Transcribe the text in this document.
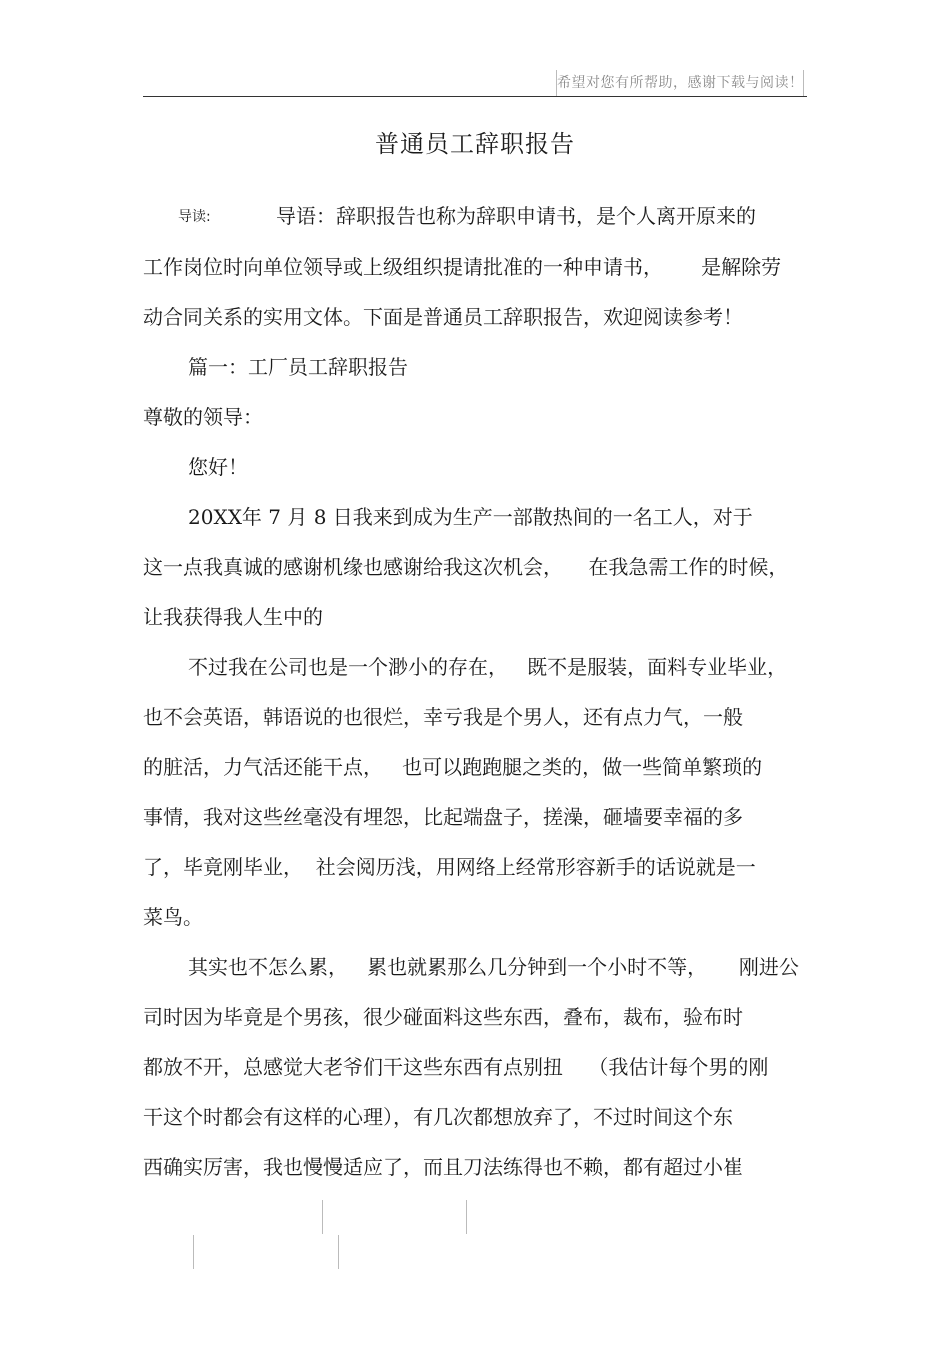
希望对您有所帮助，感谢下载与阅读！
普通员工辞职报告
导读:	导语：辞职报告也称为辞职申请书，是个人离开原来的
工作岗位时向单位领导或上级组织提请批准的一种申请书，      是解除劳
动合同关系的实用文体。下面是普通员工辞职报告，欢迎阅读参考！
篇一：工厂员工辞职报告
尊敬的领导：
您好！
20XX年 7 月 8 日我来到成为生产一部散热间的一名工人，对于
这一点我真诚的感谢机缘也感谢给我这次机会，    在我急需工作的时候，
让我获得我人生中的
不过我在公司也是一个渺小的存在，   既不是服装，面料专业毕业，
也不会英语，韩语说的也很烂，幸亏我是个男人，还有点力气，一般
的脏活，力气活还能干点，   也可以跑跑腿之类的，做一些简单繁琐的
事情，我对这些丝毫没有埋怨，比起端盘子，搓澡，砸墙要幸福的多
了，毕竟刚毕业，  社会阅历浅，用网络上经常形容新手的话说就是一
菜鸟。
其实也不怎么累，   累也就累那么几分钟到一个小时不等，     刚进公
司时因为毕竟是个男孩，很少碰面料这些东西，叠布，裁布，验布时
都放不开，总感觉大老爷们干这些东西有点别扭    （我估计每个男的刚
干这个时都会有这样的心理），有几次都想放弃了，不过时间这个东
西确实厉害，我也慢慢适应了，而且刀法练得也不赖，都有超过小崔
